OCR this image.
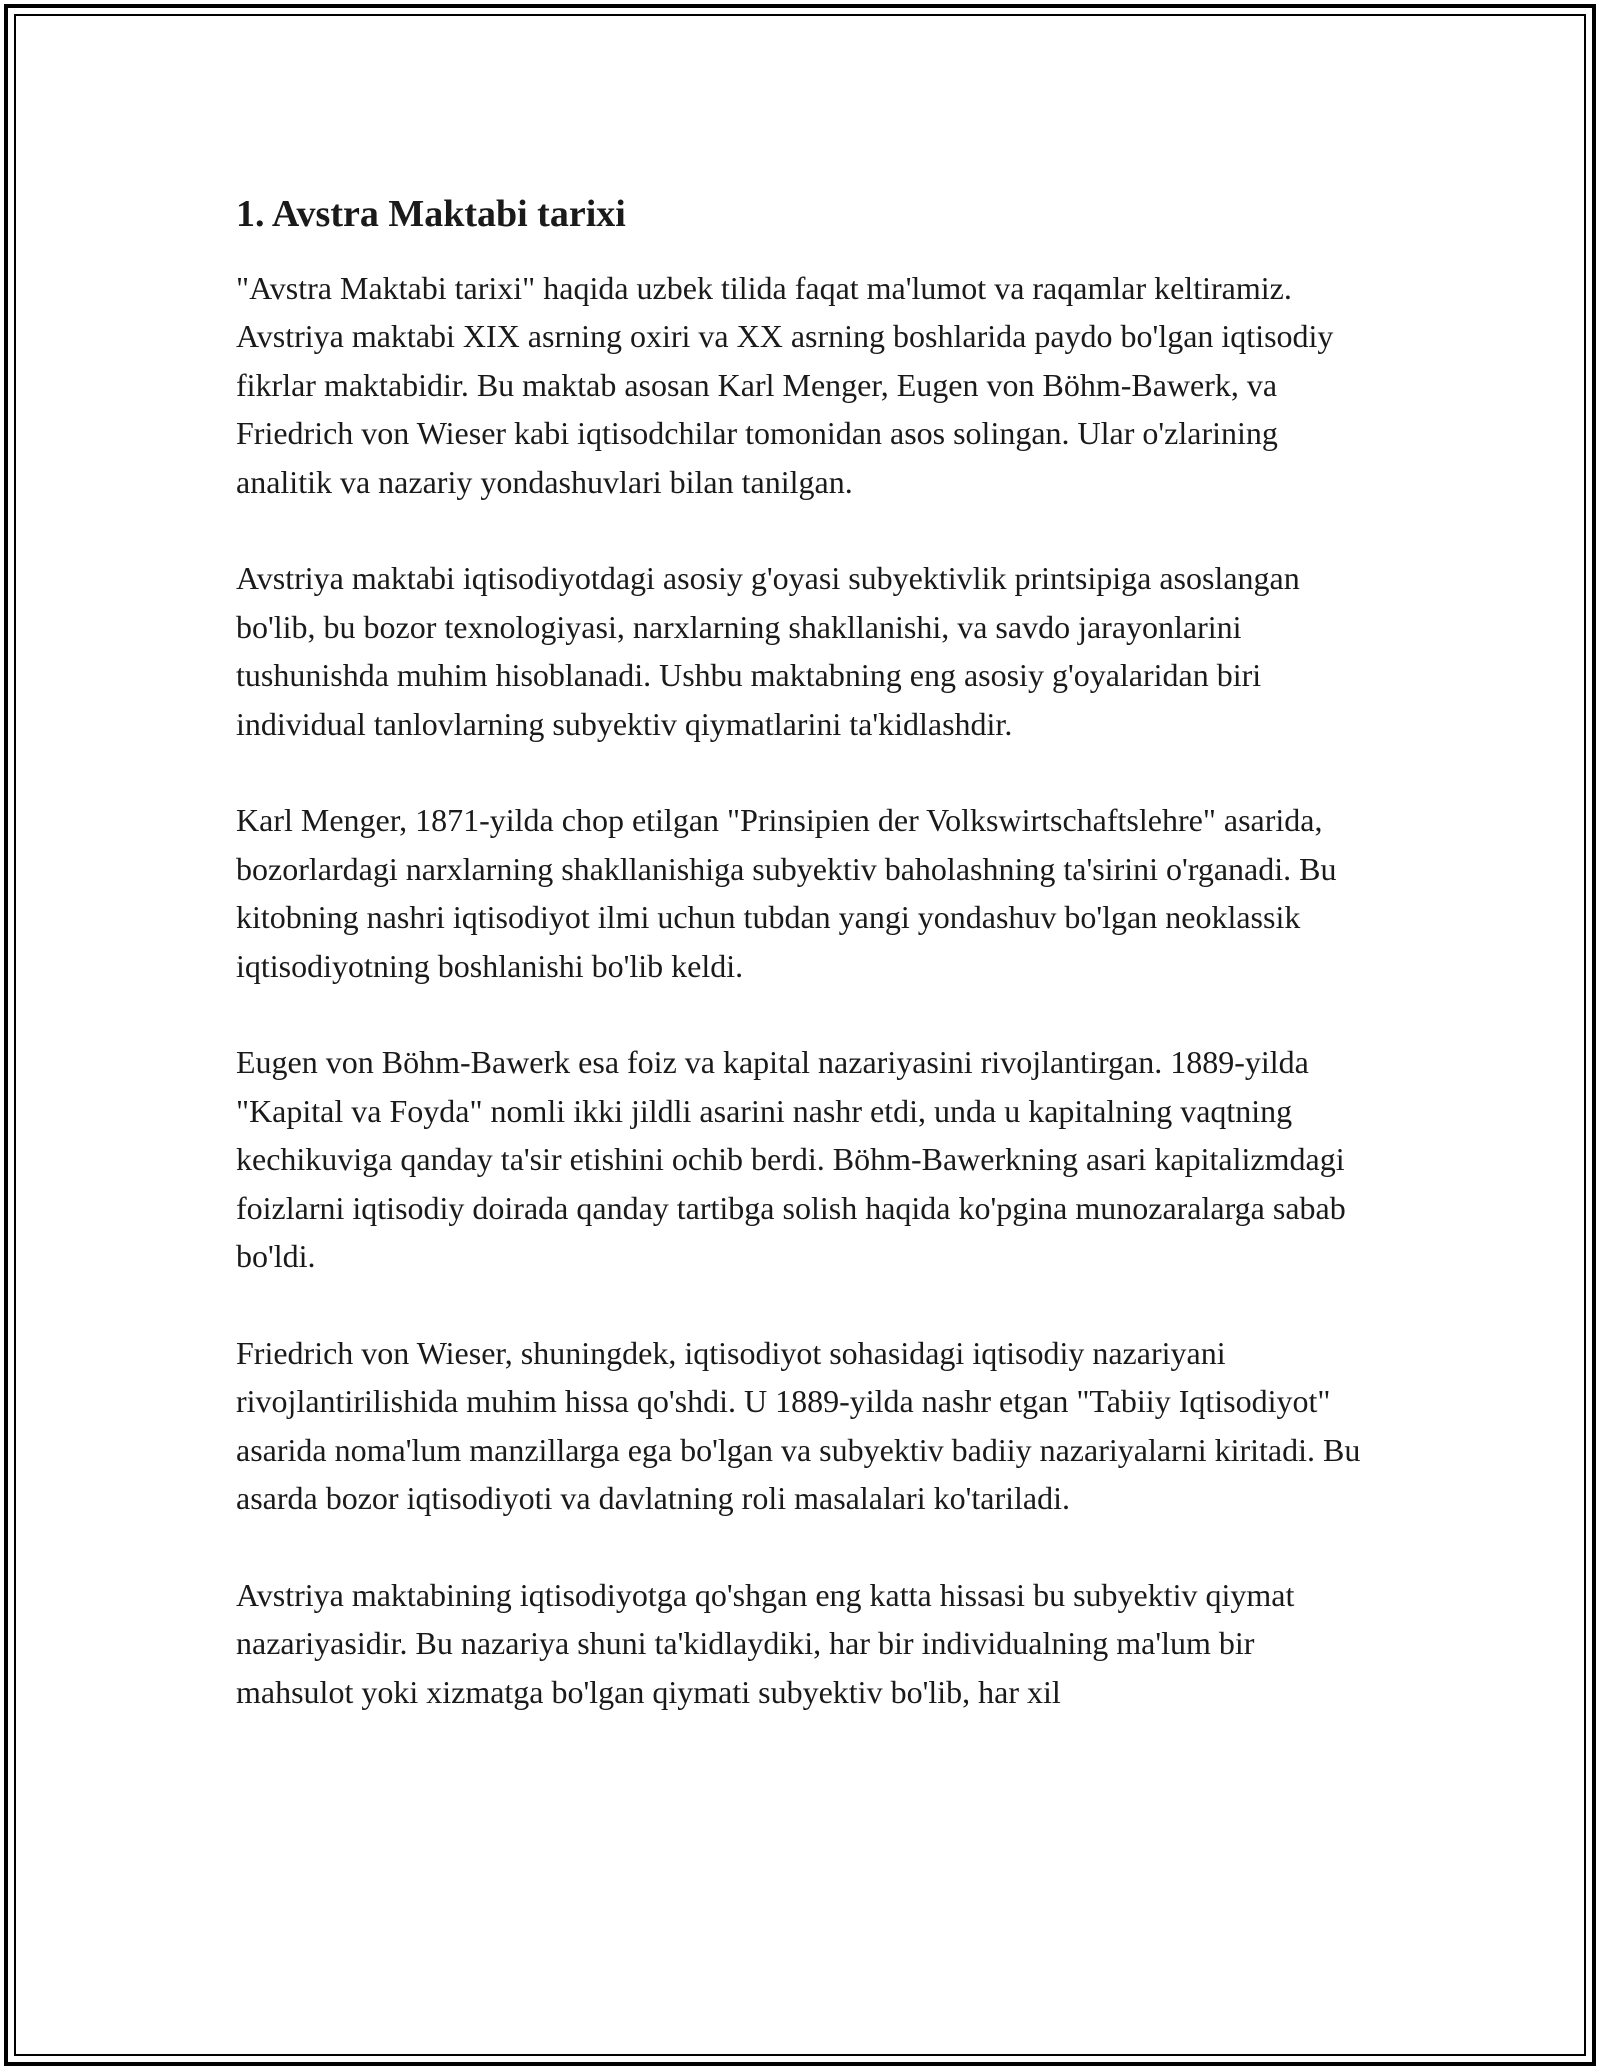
1. Avstra Maktabi tarixi

"Avstra Maktabi tarixi" haqida uzbek tilida faqat ma'lumot va raqamlar keltiramiz. Avstriya maktabi XIX asrning oxiri va XX asrning boshlarida paydo bo'lgan iqtisodiy fikrlar maktabidir. Bu maktab asosan Karl Menger, Eugen von Böhm-Bawerk, va Friedrich von Wieser kabi iqtisodchilar tomonidan asos solingan. Ular o'zlarining analitik va nazariy yondashuvlari bilan tanilgan.

Avstriya maktabi iqtisodiyotdagi asosiy g'oyasi subyektivlik printsipiga asoslangan bo'lib, bu bozor texnologiyasi, narxlarning shakllanishi, va savdo jarayonlarini tushunishda muhim hisoblanadi. Ushbu maktabning eng asosiy g'oyalaridan biri individual tanlovlarning subyektiv qiymatlarini ta'kidlashdir.

Karl Menger, 1871-yilda chop etilgan "Prinsipien der Volkswirtschaftslehre" asarida, bozorlardagi narxlarning shakllanishiga subyektiv baholashning ta'sirini o'rganadi. Bu kitobning nashri iqtisodiyot ilmi uchun tubdan yangi yondashuv bo'lgan neoklassik iqtisodiyotning boshlanishi bo'lib keldi.

Eugen von Böhm-Bawerk esa foiz va kapital nazariyasini rivojlantirgan. 1889-yilda "Kapital va Foyda" nomli ikki jildli asarini nashr etdi, unda u kapitalning vaqtning kechikuviga qanday ta'sir etishini ochib berdi. Böhm-Bawerkning asari kapitalizmdagi foizlarni iqtisodiy doirada qanday tartibga solish haqida ko'pgina munozaralarga sabab bo'ldi.

Friedrich von Wieser, shuningdek, iqtisodiyot sohasidagi iqtisodiy nazariyani rivojlantirilishida muhim hissa qo'shdi. U 1889-yilda nashr etgan "Tabiiy Iqtisodiyot" asarida noma'lum manzillarga ega bo'lgan va subyektiv badiiy nazariyalarni kiritadi. Bu asarda bozor iqtisodiyoti va davlatning roli masalalari ko'tariladi.

Avstriya maktabining iqtisodiyotga qo'shgan eng katta hissasi bu subyektiv qiymat nazariyasidir. Bu nazariya shuni ta'kidlaydiki, har bir individualning ma'lum bir mahsulot yoki xizmatga bo'lgan qiymati subyektiv bo'lib, har xil
